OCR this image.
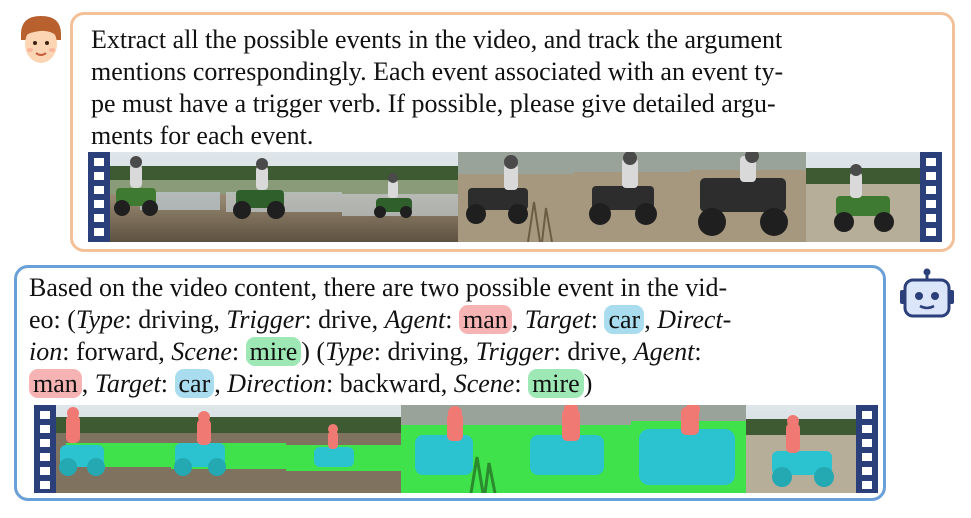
Extract all the possible events in the video, and track the argument
mentions correspondingly. Each event associated with an event ty-
pe must have a trigger verb. If possible, please give detailed argu-
ments for each event.

Based on the video content, there are two possible event in the vid-
eo: (Type: driving, Trigger: drive, Agent: man , Target: car , Direct-
ion: forward, Scene: mire ) (Type: driving, Trigger: drive, Agent:
man , Target: car , Direction: backward, Scene: mire )
